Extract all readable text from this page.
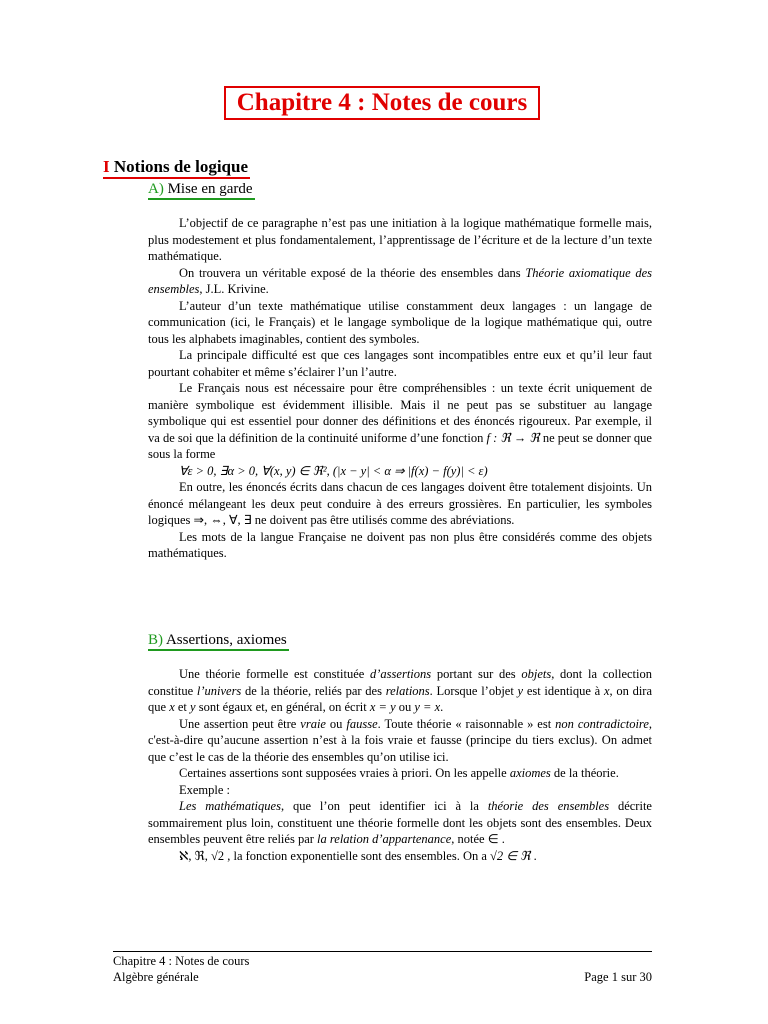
Chapitre 4 : Notes de cours
I Notions de logique
A) Mise en garde

L’objectif de ce paragraphe n’est pas une initiation à la logique mathématique formelle mais, plus modestement et plus fondamentalement, l’apprentissage de l’écriture et de la lecture d’un texte mathématique.

On trouvera un véritable exposé de la théorie des ensembles dans Théorie axiomatique des ensembles, J.L. Krivine.

L’auteur d’un texte mathématique utilise constamment deux langages : un langage de communication (ici, le Français) et le langage symbolique de la logique mathématique qui, outre tous les alphabets imaginables, contient des symboles.

La principale difficulté est que ces langages sont incompatibles entre eux et qu’il leur faut pourtant cohabiter et même s’éclairer l’un l’autre.

Le Français nous est nécessaire pour être compréhensibles : un texte écrit uniquement de manière symbolique est évidemment illisible. Mais il ne peut pas se substituer au langage symbolique qui est essentiel pour donner des définitions et des énoncés rigoureux. Par exemple, il va de soi que la définition de la continuité uniforme d’une fonction f : ℜ → ℜ ne peut se donner que sous la forme

∀ε > 0, ∃α > 0, ∀(x, y) ∈ ℜ², (|x − y| < α ⇒ |f(x) − f(y)| < ε)

En outre, les énoncés écrits dans chacun de ces langages doivent être totalement disjoints. Un énoncé mélangeant les deux peut conduire à des erreurs grossières. En particulier, les symboles logiques ⇒, ⇔, ∀, ∃ ne doivent pas être utilisés comme des abréviations.

Les mots de la langue Française ne doivent pas non plus être considérés comme des objets mathématiques.

B) Assertions, axiomes

Une théorie formelle est constituée d’assertions portant sur des objets, dont la collection constitue l’univers de la théorie, reliés par des relations. Lorsque l’objet y est identique à x, on dira que x et y sont égaux et, en général, on écrit x = y ou y = x.

Une assertion peut être vraie ou fausse. Toute théorie « raisonnable » est non contradictoire, c'est-à-dire qu’aucune assertion n’est à la fois vraie et fausse (principe du tiers exclus). On admet que c’est le cas de la théorie des ensembles qu’on utilise ici.

Certaines assertions sont supposées vraies à priori. On les appelle axiomes de la théorie.

Exemple :

Les mathématiques, que l’on peut identifier ici à la théorie des ensembles décrite sommairement plus loin, constituent une théorie formelle dont les objets sont des ensembles. Deux ensembles peuvent être reliés par la relation d’appartenance, notée ∈ .

ℵ, ℜ, √2 , la fonction exponentielle sont des ensembles. On a √2 ∈ ℜ .

Chapitre 4 : Notes de cours
Algèbre générale	Page 1 sur 30
